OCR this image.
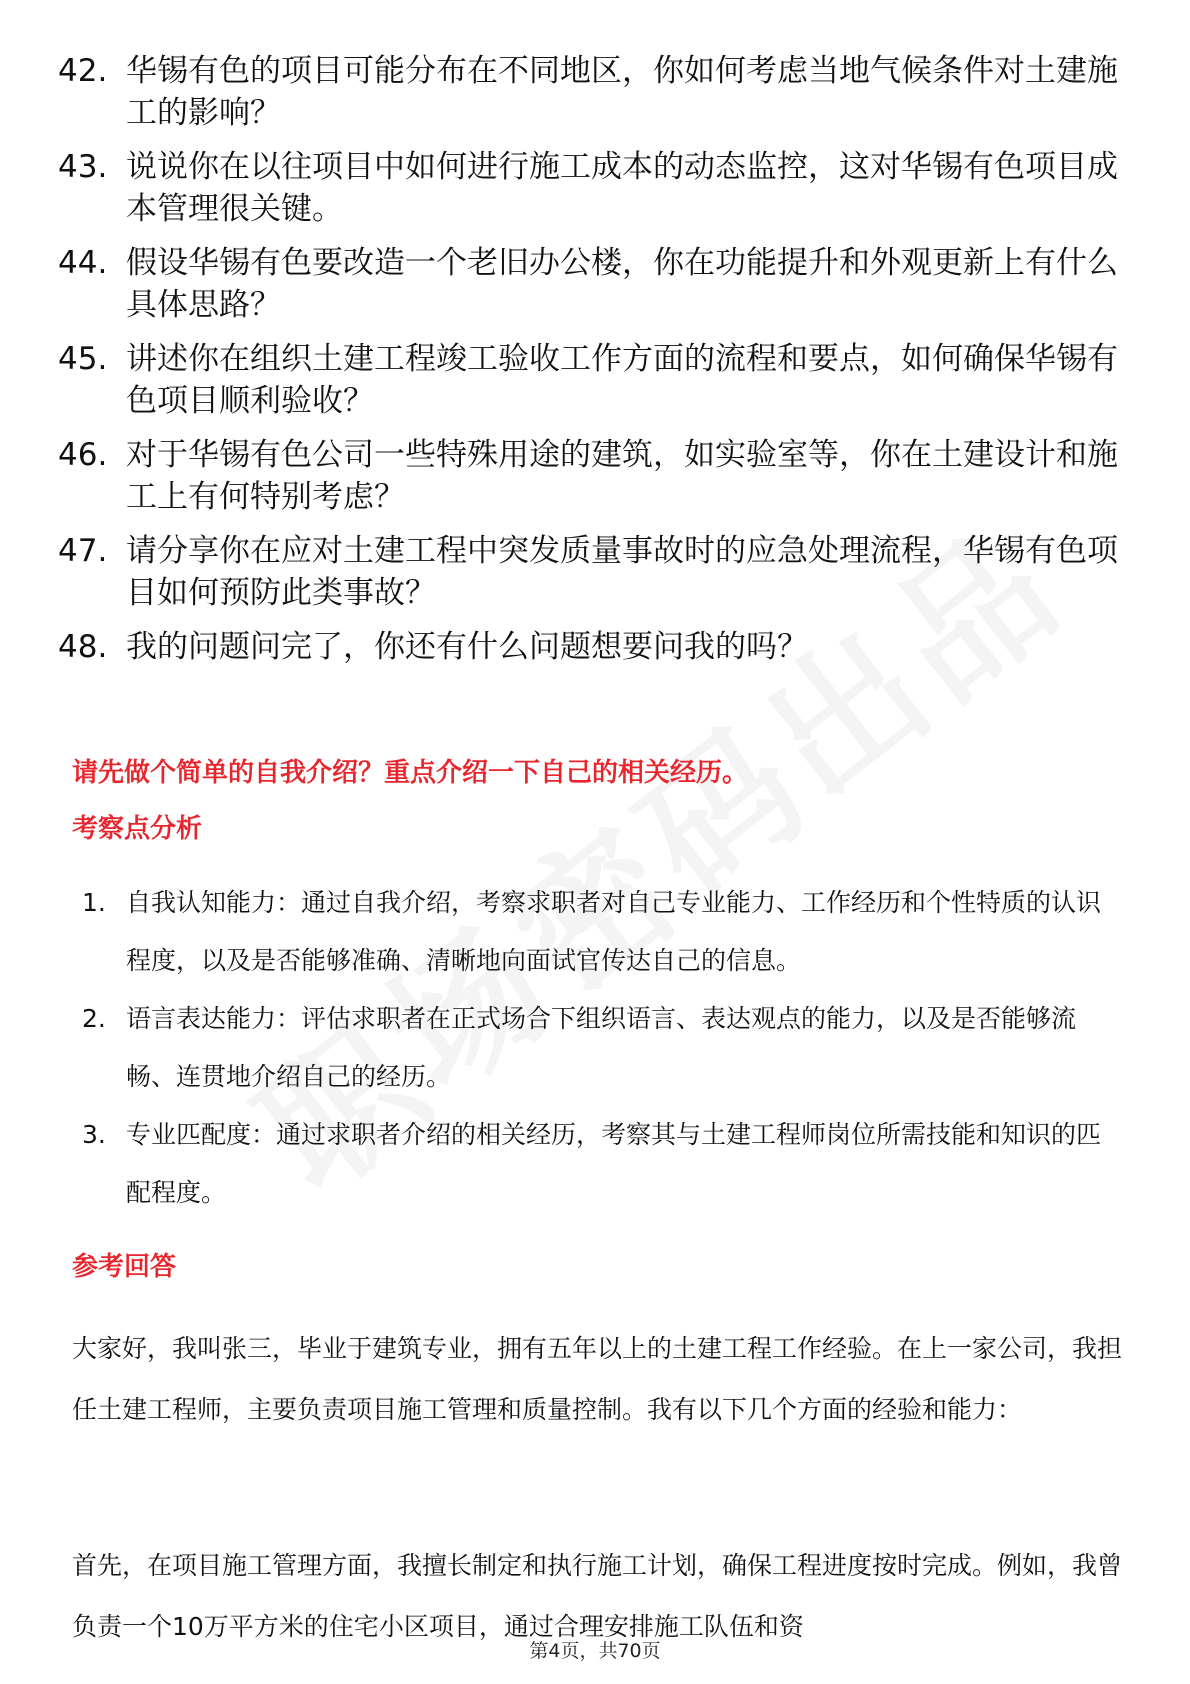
42. 华锡有色的项目可能分布在不同地区，你如何考虑当地气候条件对土建施工的影响？
43. 说说你在以往项目中如何进行施工成本的动态监控，这对华锡有色项目成本管理很关键。
44. 假设华锡有色要改造一个老旧办公楼，你在功能提升和外观更新上有什么具体思路？
45. 讲述你在组织土建工程竣工验收工作方面的流程和要点，如何确保华锡有色项目顺利验收？
46. 对于华锡有色公司一些特殊用途的建筑，如实验室等，你在土建设计和施工上有何特别考虑？
47. 请分享你在应对土建工程中突发质量事故时的应急处理流程，华锡有色项目如何预防此类事故？
48. 我的问题问完了，你还有什么问题想要问我的吗？
请先做个简单的自我介绍？重点介绍一下自己的相关经历。
考察点分析
1. 自我认知能力：通过自我介绍，考察求职者对自己专业能力、工作经历和个性特质的认识程度，以及是否能够准确、清晰地向面试官传达自己的信息。
2. 语言表达能力：评估求职者在正式场合下组织语言、表达观点的能力，以及是否能够流畅、连贯地介绍自己的经历。
3. 专业匹配度：通过求职者介绍的相关经历，考察其与土建工程师岗位所需技能和知识的匹配程度。
参考回答
大家好，我叫张三，毕业于建筑专业，拥有五年以上的土建工程工作经验。在上一家公司，我担任土建工程师，主要负责项目施工管理和质量控制。我有以下几个方面的经验和能力：
首先，在项目施工管理方面，我擅长制定和执行施工计划，确保工程进度按时完成。例如，我曾负责一个10万平方米的住宅小区项目，通过合理安排施工队伍和资
第4页，共70页
